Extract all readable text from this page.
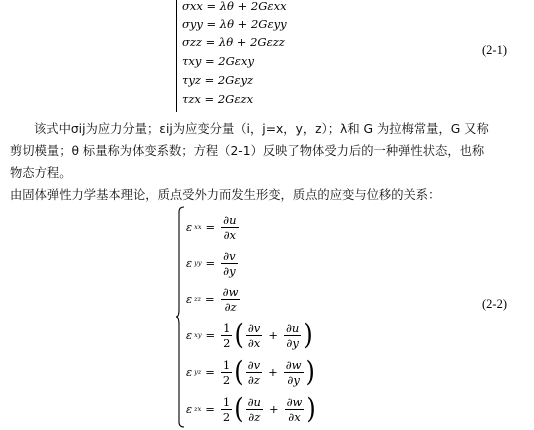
σxx = λθ + 2Gεxx
σyy = λθ + 2Gεyy
σzz = λθ + 2Gεzz
τxy = 2Gεxy
τyz = 2Gεyz
τzx = 2Gεzx
(2-1)
该式中σij为应力分量；εij为应变分量（i，j=x，y，z）；λ和 G 为拉梅常量，G 又称
剪切模量；θ 标量称为体变系数；方程（2-1）反映了物体受力后的一种弹性状态，也称
物态方程。
由固体弹性力学基本理论，质点受外力而发生形变，质点的应变与位移的关系：
ε xx = $\frac{\partial u}{\partial x}$
ε yy = $\frac{\partial v}{\partial y}$
ε zz = $\frac{\partial w}{\partial z}$
ε xy = $\frac{1}{2}$ ( $\frac{\partial v}{\partial x} + \frac{\partial u}{\partial y}$ )
ε yz = $\frac{1}{2}$ ( $\frac{\partial v}{\partial z} + \frac{\partial w}{\partial y}$ )
ε zx = $\frac{1}{2}$ ( $\frac{\partial u}{\partial z} + \frac{\partial w}{\partial x}$ )
(2-2)
